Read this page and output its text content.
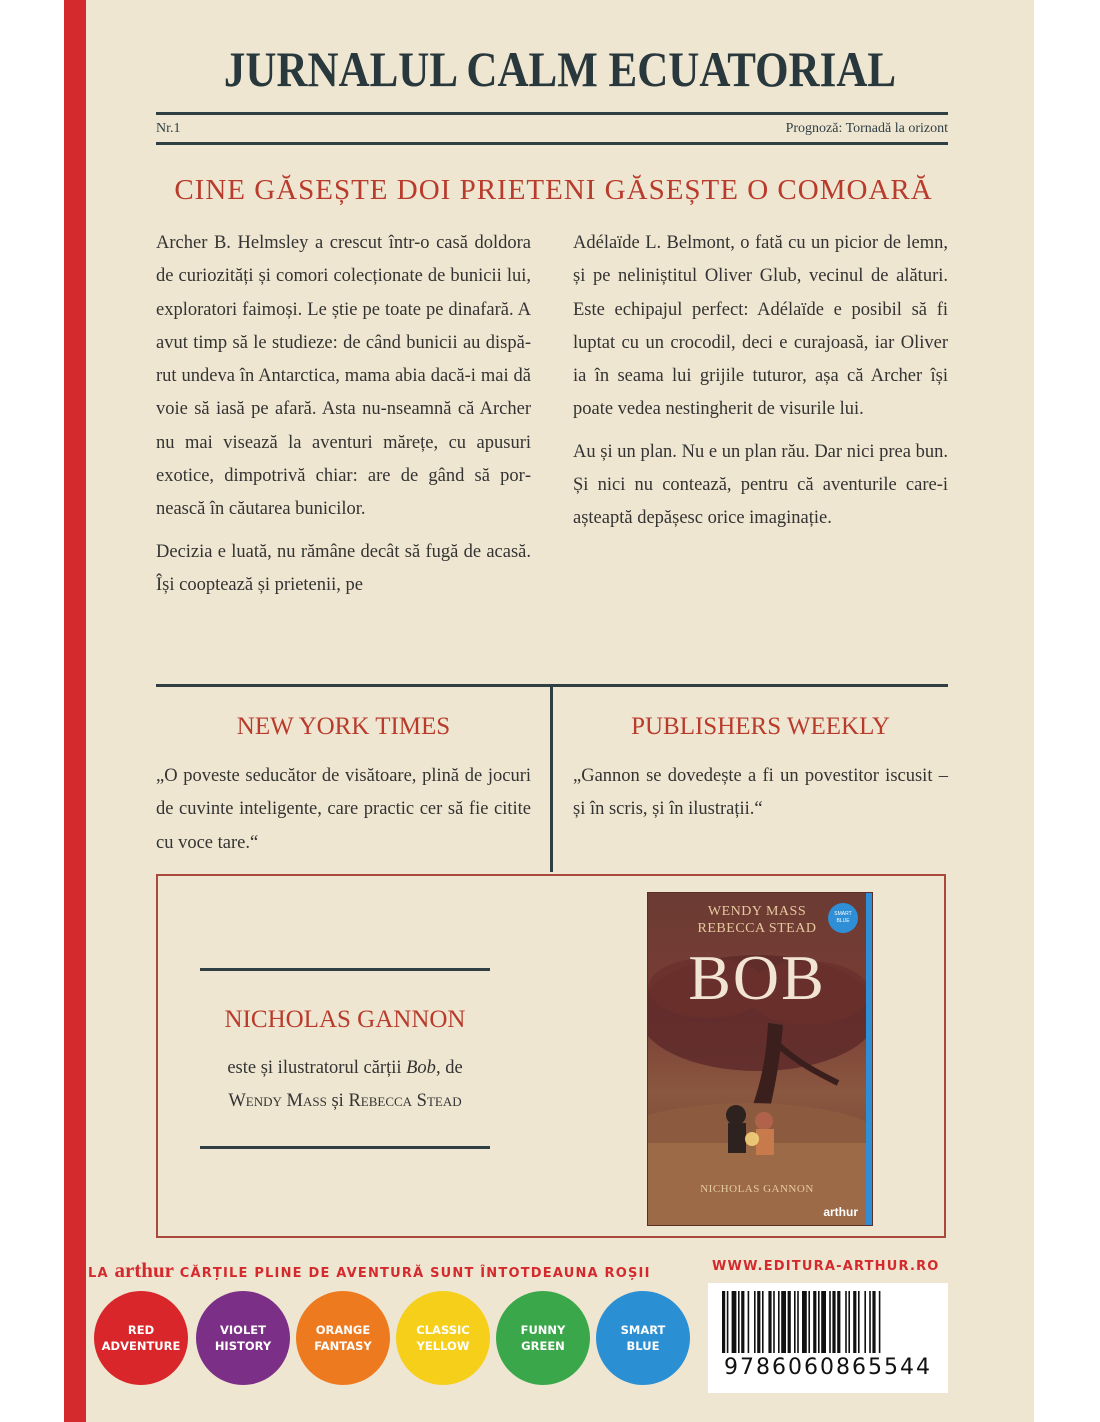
JURNALUL CALM ECUATORIAL
Nr.1	Prognoză: Tornadă la orizont
CINE GĂSEȘTE DOI PRIETENI GĂSEȘTE O COMOARĂ

Archer B. Helmsley a crescut într-o casă doldora de curiozități și comori colecționate de bunicii lui, exploratori faimoși. Le știe pe toate pe dinafară. A avut timp să le studieze: de când bunicii au dispărut undeva în Antarctica, mama abia dacă-i mai dă voie să iasă pe afară. Asta nu-nseamnă că Archer nu mai visează la aventuri mărețe, cu apusuri exotice, dimpotrivă chiar: are de gând să pornească în căutarea bunicilor.

Decizia e luată, nu rămâne decât să fugă de acasă. Își cooptează și prietenii, pe

Adélaïde L. Belmont, o fată cu un picior de lemn, și pe neliniștitul Oliver Glub, vecinul de alături. Este echipajul perfect: Adélaïde e posibil să fi luptat cu un crocodil, deci e curajoasă, iar Oliver ia în seama lui grijile tuturor, așa că Archer își poate vedea nestingherit de visurile lui.

Au și un plan. Nu e un plan rău. Dar nici prea bun. Și nici nu contează, pentru că aventurile care-i așteaptă depășesc orice imaginație.

NEW YORK TIMES
„O poveste seducător de visătoare, plină de jocuri de cuvinte inteligente, care practic cer să fie citite cu voce tare.“
PUBLISHERS WEEKLY
„Gannon se dovedește a fi un povestitor iscusit – și în scris, și în ilustrații.“
NICHOLAS GANNON
este și ilustratorul cărții Bob, de
Wendy Mass și Rebecca Stead
WENDY MASS
REBECCA STEAD
SMART BLUE
BOB
NICHOLAS GANNON
arthur
LA arthur CĂRȚILE PLINE DE AVENTURĂ SUNT ÎNTOTDEAUNA ROȘII	WWW.EDITURA-ARTHUR.RO
RED
ADVENTURE
VIOLET
HISTORY
ORANGE
FANTASY
CLASSIC
YELLOW
FUNNY
GREEN
SMART
BLUE
9786060865544
